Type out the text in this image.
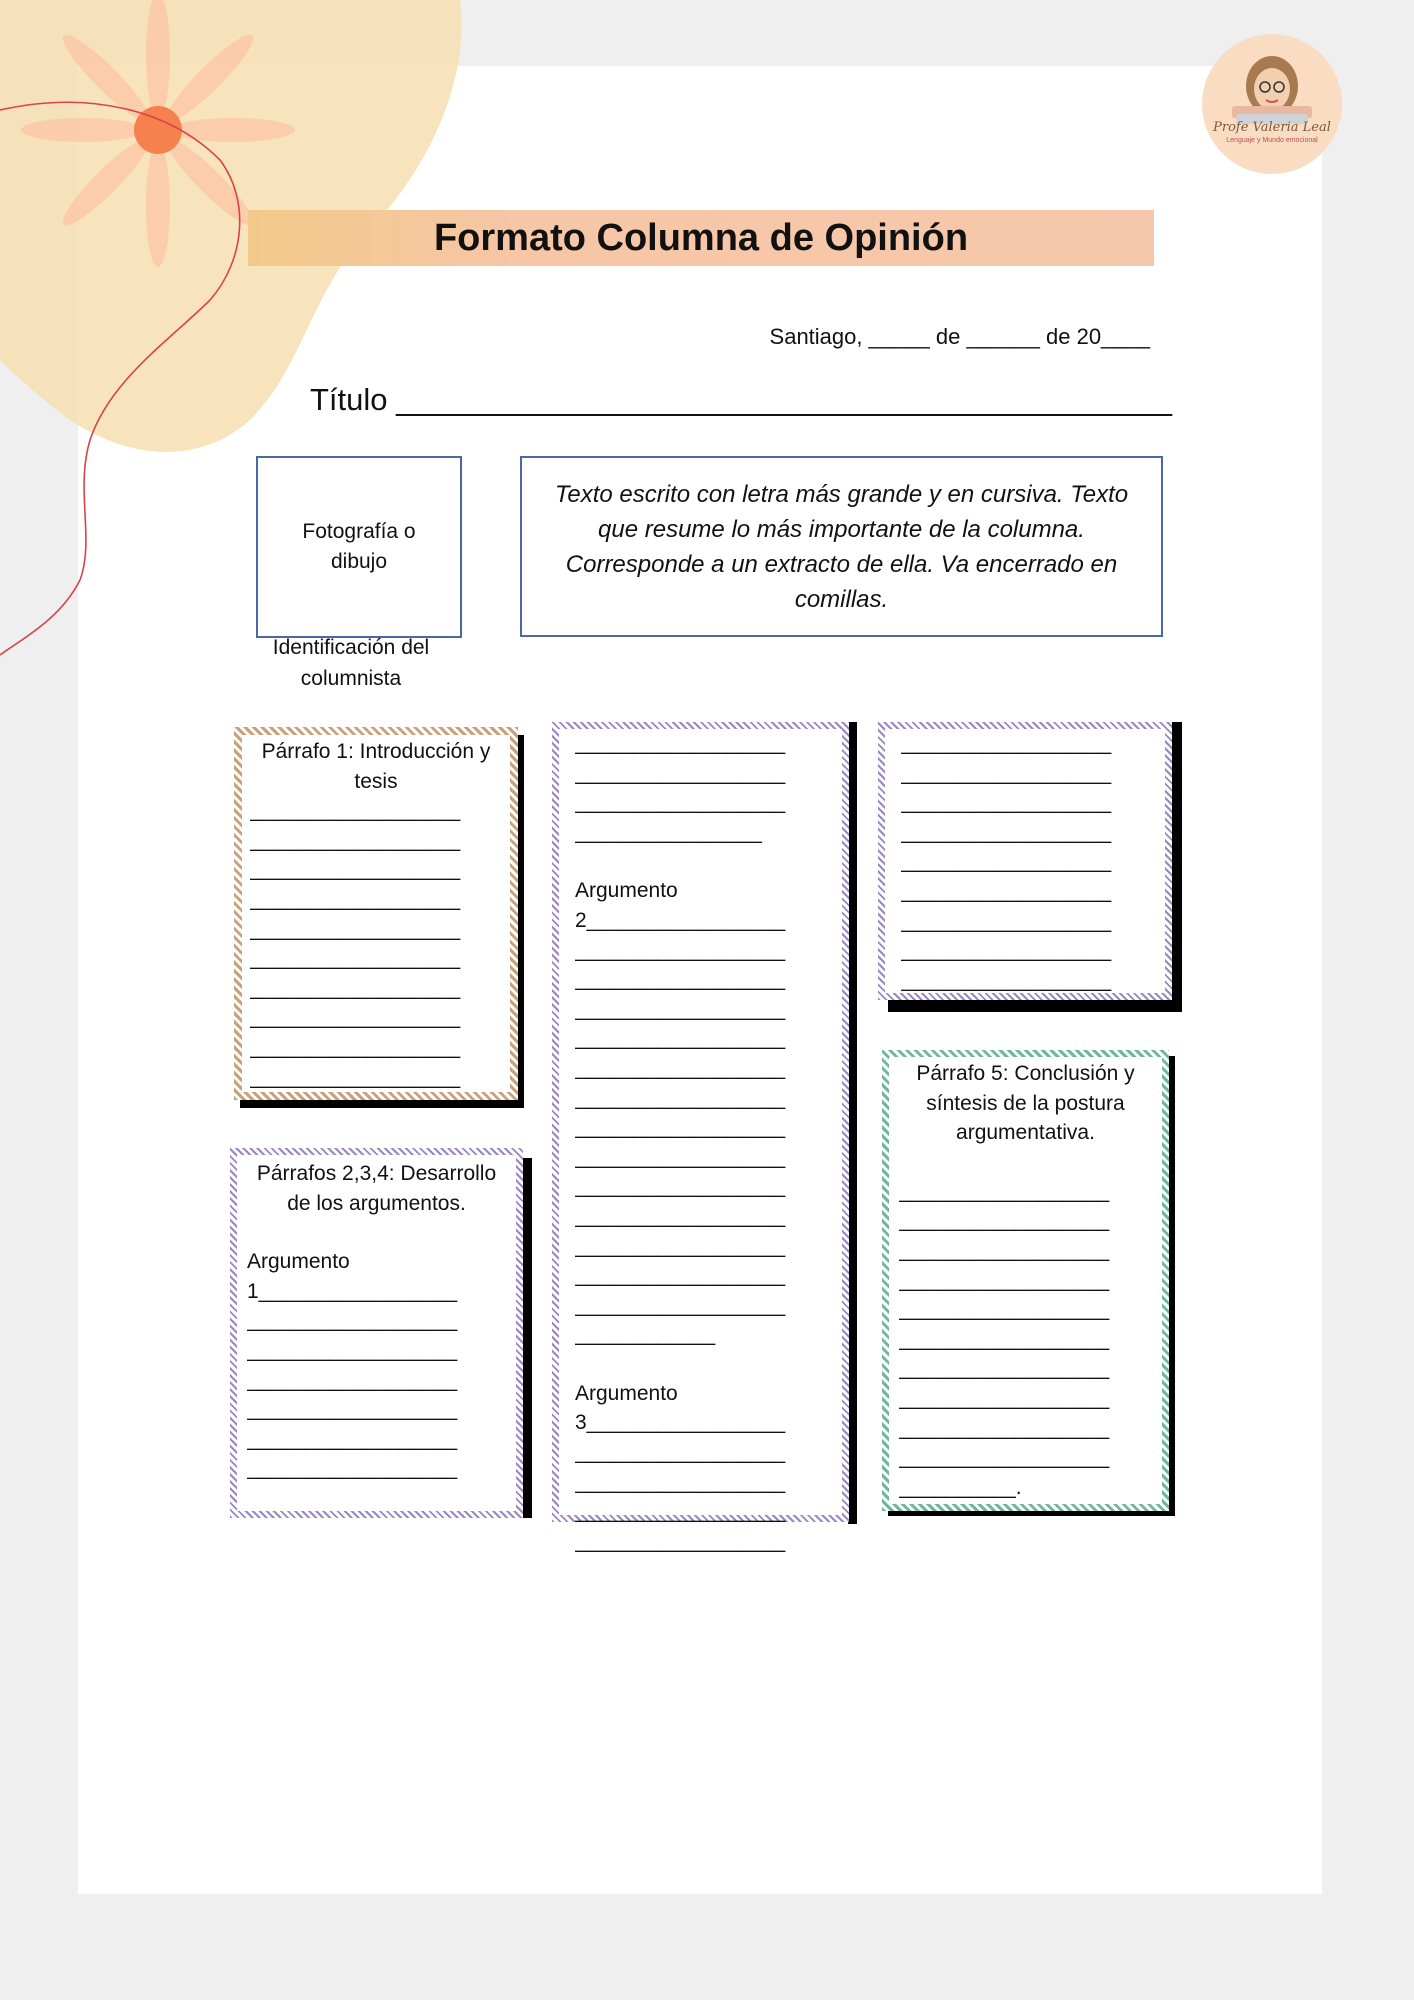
Profe Valeria Leal
Lenguaje y Mundo emocional
Formato Columna de Opinión
Santiago, _____ de ______ de 20____
Título _____________________________________________
Fotografía o dibujo
Texto escrito con letra más grande y en cursiva. Texto que resume lo más importante de la columna. Corresponde a un extracto de ella. Va encerrado en comillas.
Identificación del columnista
Párrafo 1: Introducción y tesis
__________________
__________________
__________________
__________________
__________________
__________________
__________________
__________________
__________________
__________________
Párrafos 2,3,4: Desarrollo de los argumentos.
Argumento
1_________________
__________________
__________________
__________________
__________________
__________________
__________________
__________________
__________________
__________________
________________
Argumento
2_________________
__________________
__________________
__________________
__________________
__________________
__________________
__________________
__________________
__________________
__________________
__________________
__________________
__________________
____________
Argumento
3_________________
__________________
__________________
__________________
__________________
__________________
__________________
__________________
__________________
__________________
__________________
__________________
__________________
__________________
Párrafo 5: Conclusión y síntesis de la postura argumentativa.
__________________
__________________
__________________
__________________
__________________
__________________
__________________
__________________
__________________
__________________
__________.
